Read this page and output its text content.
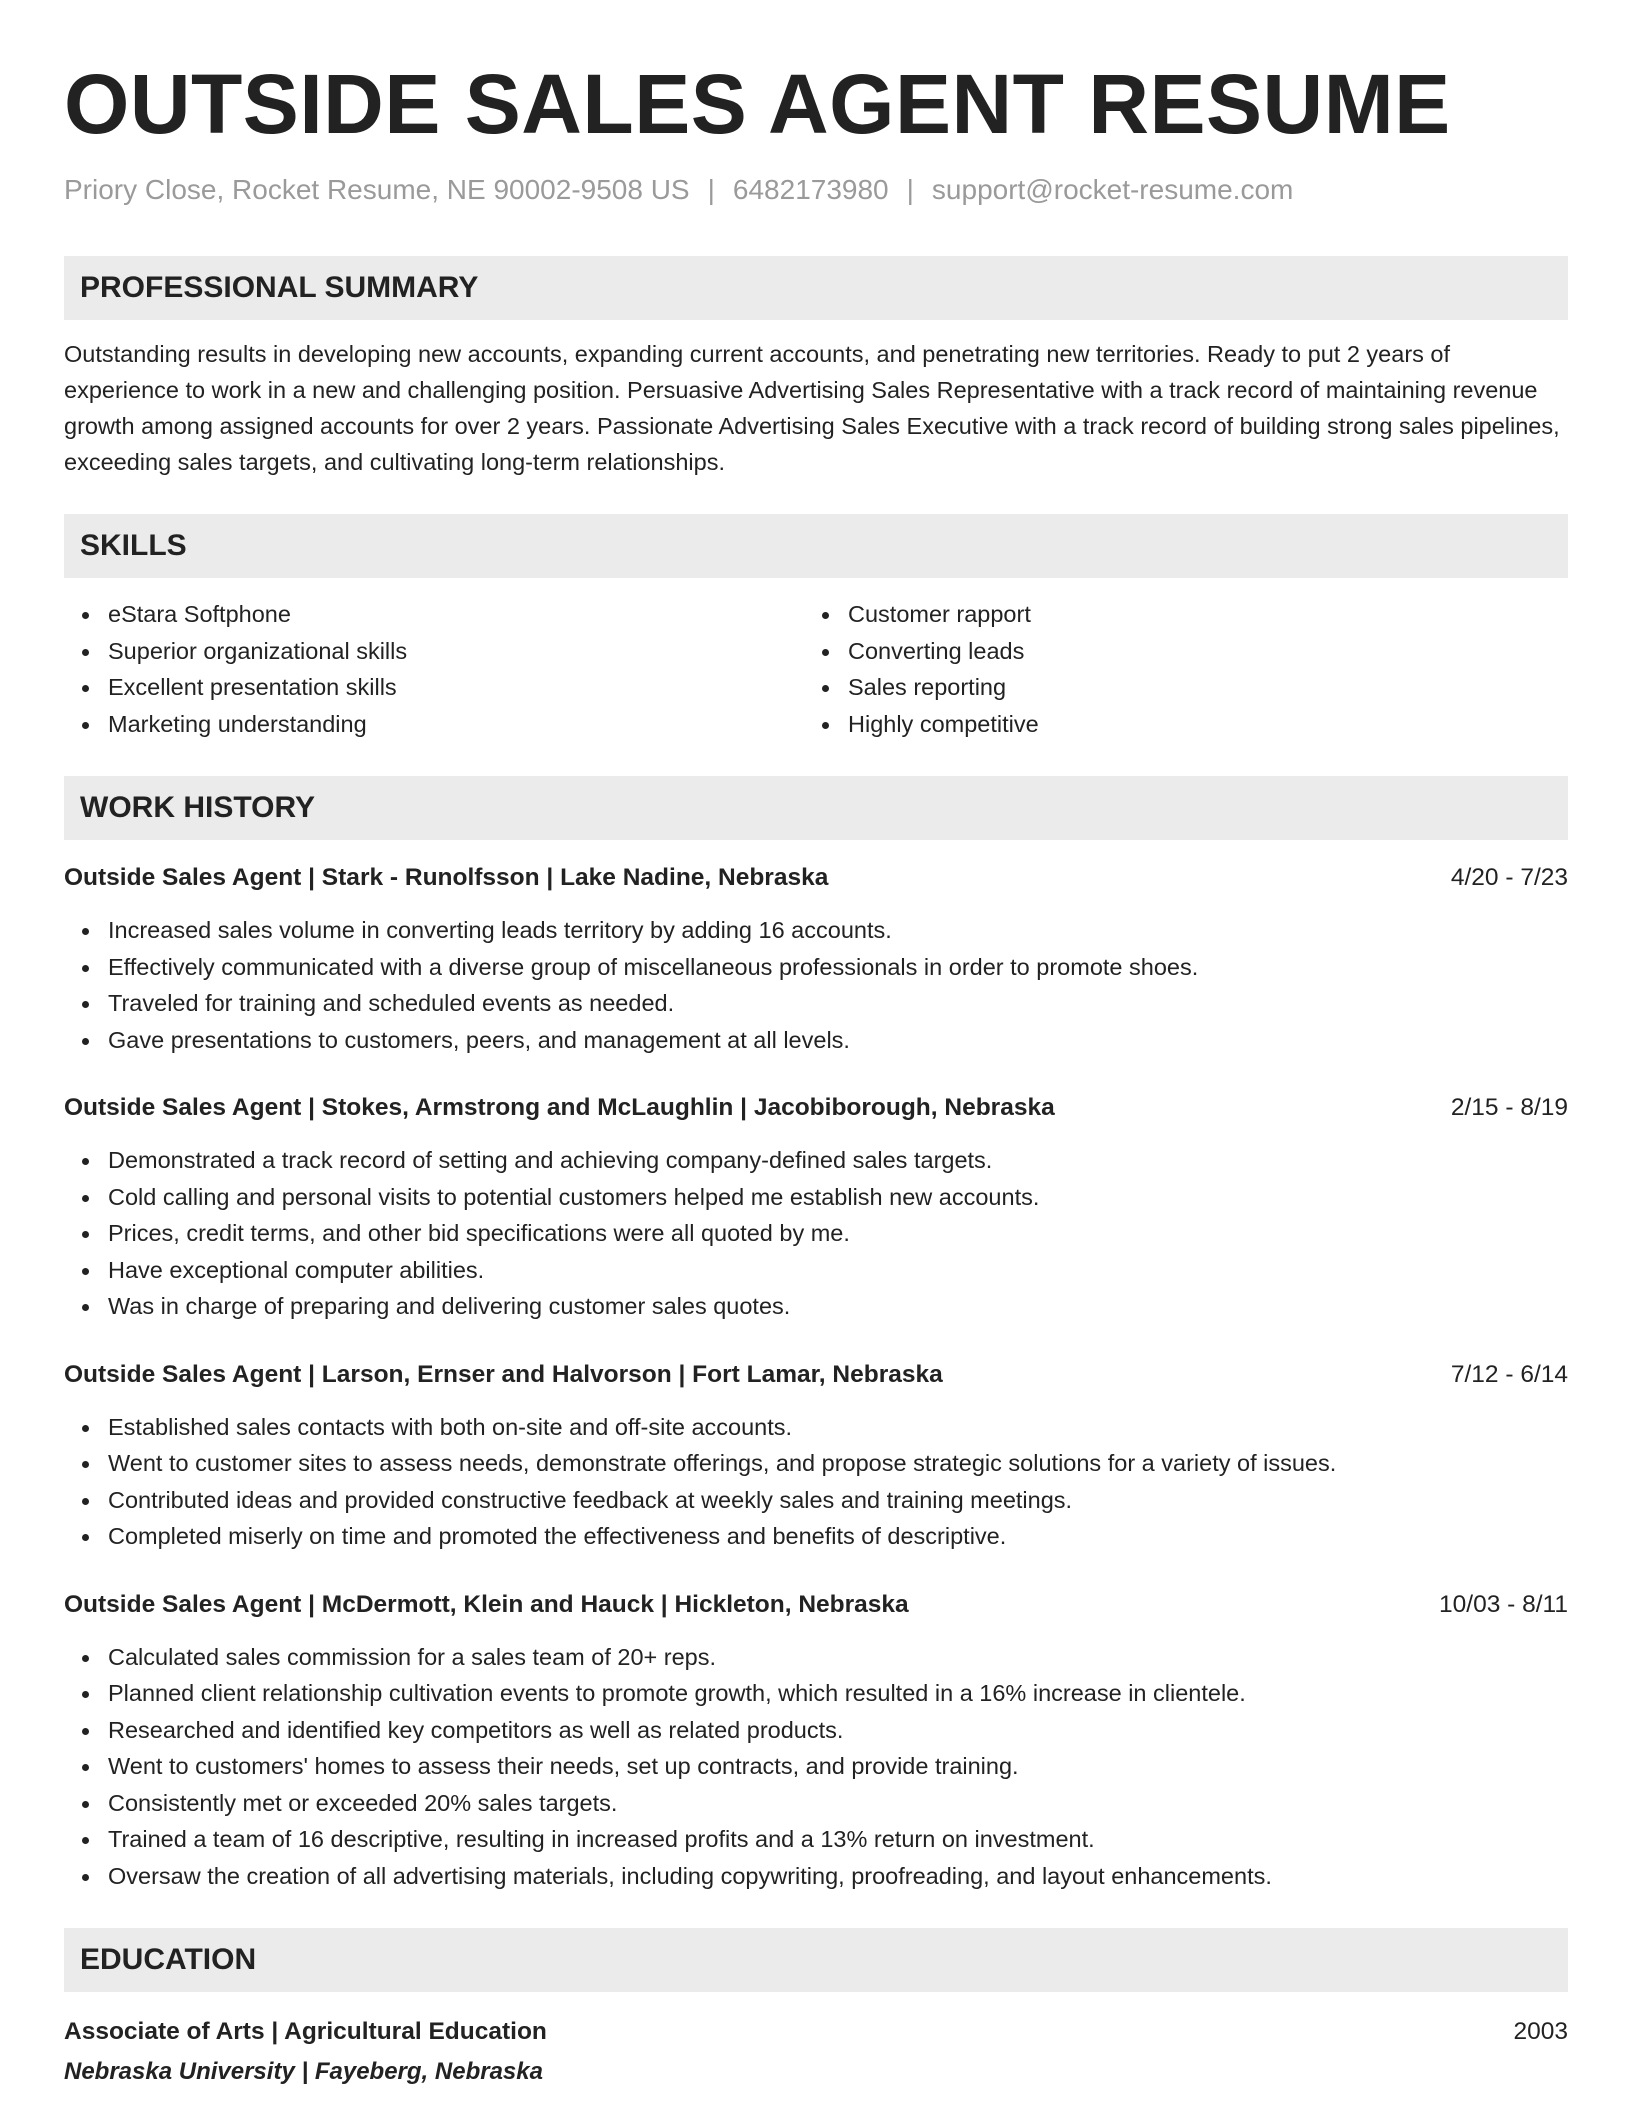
OUTSIDE SALES AGENT RESUME
Priory Close, Rocket Resume, NE 90002-9508 US | 6482173980 | support@rocket-resume.com
PROFESSIONAL SUMMARY

Outstanding results in developing new accounts, expanding current accounts, and penetrating new territories. Ready to put 2 years of experience to work in a new and challenging position. Persuasive Advertising Sales Representative with a track record of maintaining revenue growth among assigned accounts for over 2 years. Passionate Advertising Sales Executive with a track record of building strong sales pipelines, exceeding sales targets, and cultivating long-term relationships.

SKILLS
eStara Softphone
Superior organizational skills
Excellent presentation skills
Marketing understanding
Customer rapport
Converting leads
Sales reporting
Highly competitive
WORK HISTORY
Outside Sales Agent | Stark - Runolfsson | Lake Nadine, Nebraska	4/20 - 7/23
Increased sales volume in converting leads territory by adding 16 accounts.
Effectively communicated with a diverse group of miscellaneous professionals in order to promote shoes.
Traveled for training and scheduled events as needed.
Gave presentations to customers, peers, and management at all levels.
Outside Sales Agent | Stokes, Armstrong and McLaughlin | Jacobiborough, Nebraska	2/15 - 8/19
Demonstrated a track record of setting and achieving company-defined sales targets.
Cold calling and personal visits to potential customers helped me establish new accounts.
Prices, credit terms, and other bid specifications were all quoted by me.
Have exceptional computer abilities.
Was in charge of preparing and delivering customer sales quotes.
Outside Sales Agent | Larson, Ernser and Halvorson | Fort Lamar, Nebraska	7/12 - 6/14
Established sales contacts with both on-site and off-site accounts.
Went to customer sites to assess needs, demonstrate offerings, and propose strategic solutions for a variety of issues.
Contributed ideas and provided constructive feedback at weekly sales and training meetings.
Completed miserly on time and promoted the effectiveness and benefits of descriptive.
Outside Sales Agent | McDermott, Klein and Hauck | Hickleton, Nebraska	10/03 - 8/11
Calculated sales commission for a sales team of 20+ reps.
Planned client relationship cultivation events to promote growth, which resulted in a 16% increase in clientele.
Researched and identified key competitors as well as related products.
Went to customers' homes to assess their needs, set up contracts, and provide training.
Consistently met or exceeded 20% sales targets.
Trained a team of 16 descriptive, resulting in increased profits and a 13% return on investment.
Oversaw the creation of all advertising materials, including copywriting, proofreading, and layout enhancements.
EDUCATION
Associate of Arts | Agricultural Education	2003
Nebraska University | Fayeberg, Nebraska
